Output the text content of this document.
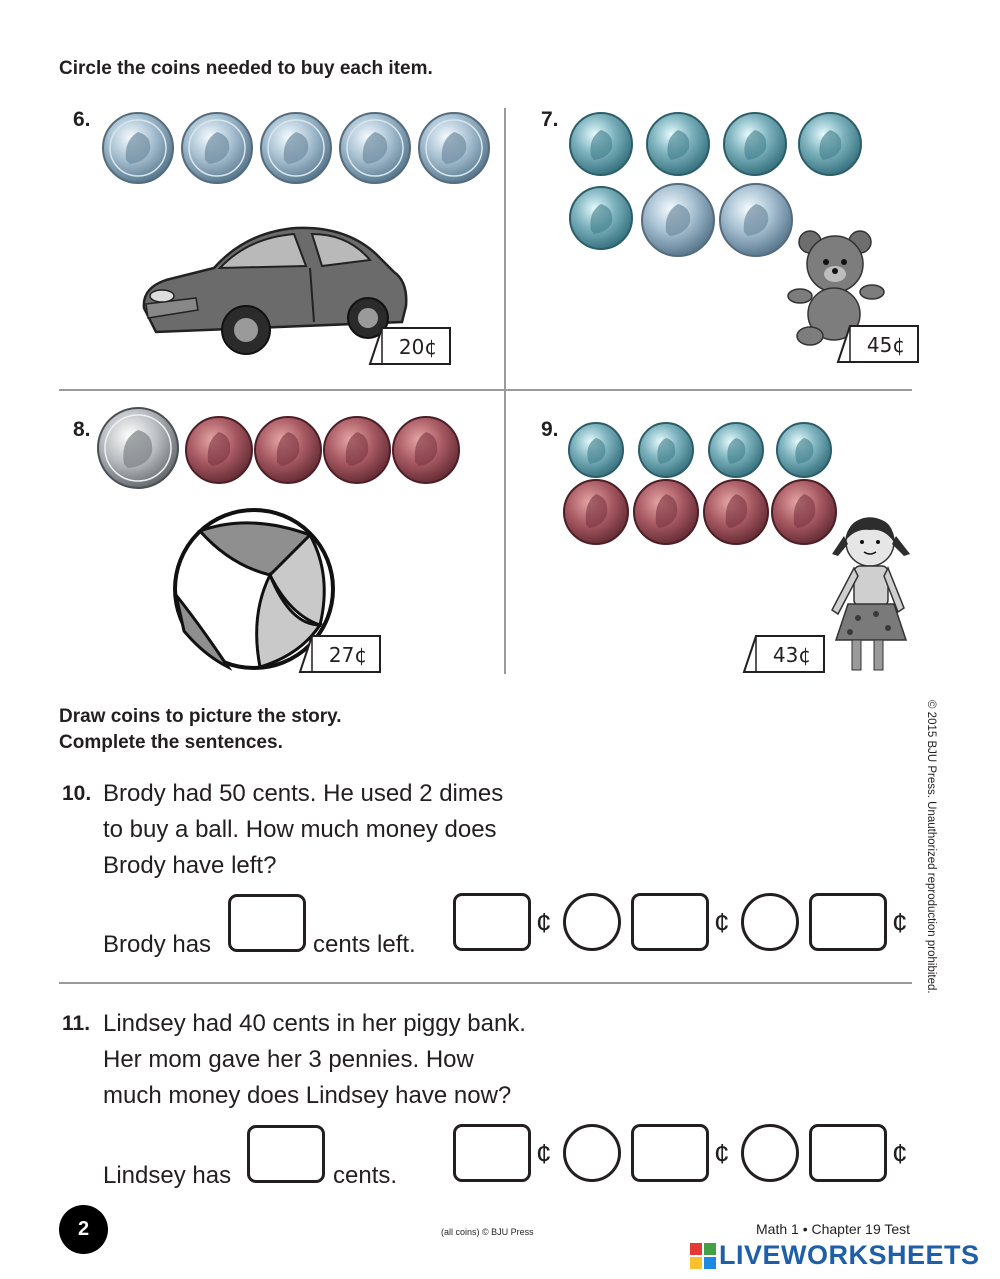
Circle the coins needed to buy each item.
6.	7.
8.	9.
20¢	45¢
27¢	43¢
Draw coins to picture the story.
Complete the sentences.
10. Brody had 50 cents. He used 2 dimes
to buy a ball. How much money does
Brody have left?
Brody has	cents left.
¢	¢	¢
11. Lindsey had 40 cents in her piggy bank.
Her mom gave her 3 pennies. How
much money does Lindsey have now?
Lindsey has	cents.
¢	¢	¢
© 2015 BJU Press. Unauthorized reproduction prohibited.
2	(all coins) © BJU Press	Math 1 • Chapter 19 Test
LIVEWORKSHEETS
